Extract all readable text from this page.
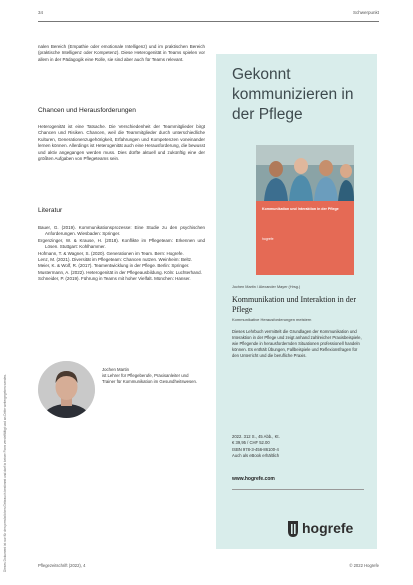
Dieses Dokument ist nur für den persönlichen Gebrauch bestimmt und darf in keiner Form vervielfältigt und an Dritte weitergegeben werden.
34	Schwerpunkt

nalen Bereich (Empathie oder emotionale Intelligenz) und im praktischen Bereich (praktische Intelligenz oder Kompetenz). Diese Heterogenität in Teams spielen vor allem in der Pädagogik eine Rolle, sie sind aber auch für Teams relevant.

Chancen und Herausforderungen

Heterogenität ist eine Tatsache. Die Verschiedenheit der Teammitglieder birgt Chancen und Risiken. Chancen, weil die Teammitglieder durch unterschiedliche Kulturen, Generationenzugehörigkeit, Erfahrungen und Kompetenzen voneinander lernen können. Allerdings ist Heterogenität auch eine Herausforderung, die bewusst und aktiv angegangen werden muss. Dies dürfte aktuell und zukünftig eine der größten Aufgaben von Pflegeteams sein.

Literatur

Bauer, G. (2019). Kommunikationsprozesse: Eine Studie zu den psychischen Anforderungen. Wiesbaden: Springer.

Ergenzinger, W. & Krause, H. (2018). Konflikte im Pflegeteam: Erkennen und Lösen. Stuttgart: Kohlhammer.

Hofmann, T. & Wagner, S. (2020). Generationen im Team. Bern: Hogrefe.

Lenz, M. (2021). Diversität im Pflegeteam: Chancen nutzen. Weinheim: Beltz.

Meier, K. & Wolf, R. (2017). Teamentwicklung in der Pflege. Berlin: Springer.

Mustermann, A. (2022). Heterogenität in der Pflegeausbildung. Köln: Luchterhand.

Schneider, P. (2019). Führung in Teams mit hoher Vielfalt. München: Hanser.

Jochen Martin
ist Lehrer für Pflegeberufe, Praxisanleiter und Trainer für Kommunikation im Gesundheitswesen.
Gekonnt kommunizieren in der Pflege
Kommunikation und Interaktion in der Pflege
hogrefe
Jochen Martin / Alexander Mayer (Hrsg.)
Kommunikation und Interaktion in der Pflege
Kommunikative Herausforderungen meistern
Dieses Lehrbuch vermittelt die Grundlagen der Kommunikation und Interaktion in der Pflege und zeigt anhand zahlreicher Praxisbeispiele, wie Pflegende in herausfordernden Situationen professionell handeln können. Es enthält Übungen, Fallbeispiele und Reflexionsfragen für den Unterricht und die berufliche Praxis.
2022. 312 S., 45 Abb., Kt.
€ 39,95 / CHF 52.00
ISBN 978-3-456-86100-4
Auch als eBook erhältlich
www.hogrefe.com
hogrefe
Pflegezeitschrift (2022), 4	© 2022 Hogrefe
